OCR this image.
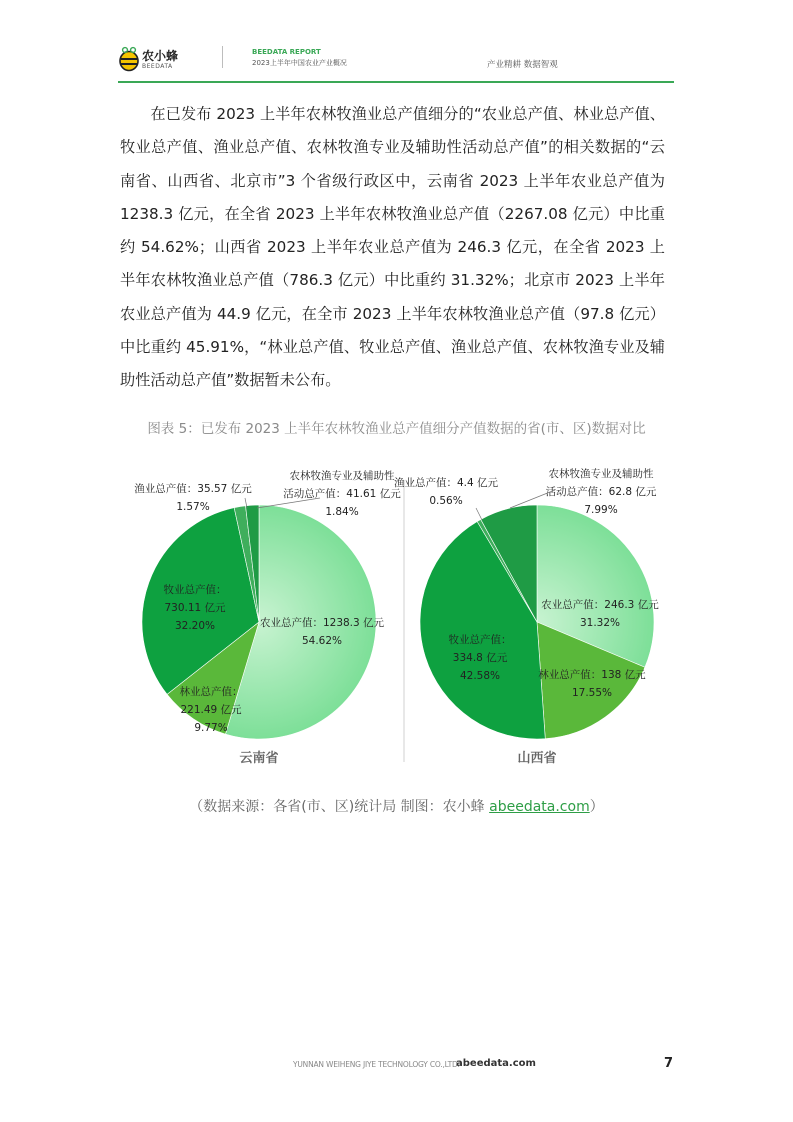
农小蜂
BEEDATA
BEEDATA REPORT
2023上半年中国农业产业概况	产业精耕 数据智观

在已发布 2023 上半年农林牧渔业总产值细分的“农业总产值、林业总产值、牧业总产值、渔业总产值、农林牧渔专业及辅助性活动总产值”的相关数据的“云南省、山西省、北京市”3 个省级行政区中，云南省 2023 上半年农业总产值为 1238.3 亿元，在全省 2023 上半年农林牧渔业总产值（2267.08 亿元）中比重约 54.62%；山西省 2023 上半年农业总产值为 246.3 亿元，在全省 2023 上半年农林牧渔业总产值（786.3 亿元）中比重约 31.32%；北京市 2023 上半年农业总产值为 44.9 亿元，在全市 2023 上半年农林牧渔业总产值（97.8 亿元）中比重约 45.91%，“林业总产值、牧业总产值、渔业总产值、农林牧渔专业及辅助性活动总产值”数据暂未公布。

图表 5：已发布 2023 上半年农林牧渔业总产值细分产值数据的省(市、区)数据对比
农业总产值：1238.3 亿元
54.62%
林业总产值：
221.49 亿元
9.77%
牧业总产值：
730.11 亿元
32.20%
渔业总产值：35.57 亿元
1.57%
农林牧渔专业及辅助性
活动总产值：41.61 亿元
1.84%
云南省
农业总产值：246.3 亿元
31.32%
林业总产值：138 亿元
17.55%
牧业总产值：
334.8 亿元
42.58%
渔业总产值：4.4 亿元
0.56%
农林牧渔专业及辅助性
活动总产值：62.8 亿元
7.99%
山西省
（数据来源：各省(市、区)统计局 制图：农小蜂 abeedata.com）
YUNNAN WEIHENG JIYE TECHNOLOGY CO.,LTD.
abeedata.com	7
